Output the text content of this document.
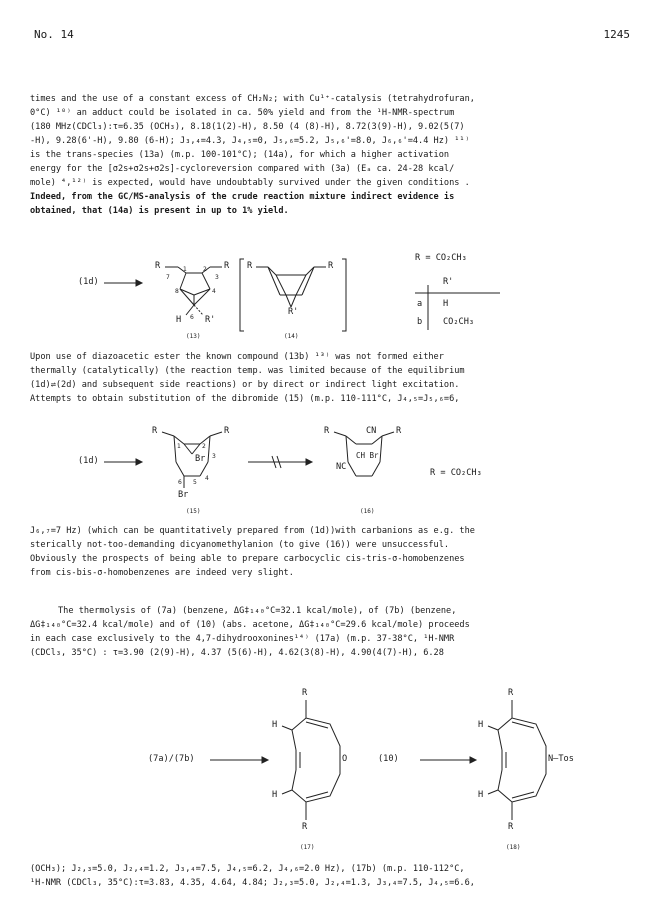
No. 14	1245

times and the use of a constant excess of CH₂N₂; with Cu¹⁺-catalysis (tetrahydrofuran,

0°C) ¹⁰⁾ an adduct could be isolated in ca. 50% yield and from the ¹H-NMR-spectrum

(180 MHz(CDCl₃):τ=6.35 (OCH₃), 8.18(1(2)-H), 8.50 (4 (8)-H), 8.72(3(9)-H), 9.02(5(7)

-H), 9.28(6'-H), 9.80 (6-H); J₃,₄=4.3, J₄,₅=0, J₅,₆=5.2, J₅,₆'=8.0, J₆,₆'=4.4 Hz) ¹¹⁾

is the trans-species (13a) (m.p. 100-101°C); (14a), for which a higher activation

energy for the [σ2s+σ2s+σ2s]-cycloreversion compared with (3a) (Eₐ ca. 24-28 kcal/

mole) ⁴,¹²⁾ is expected, would have undoubtably survived under the given conditions .

Indeed, from the GC/MS-analysis of the crude reaction mixture indirect evidence is

obtained, that (14a) is present in up to 1% yield.

7
1	2
3
8	4
6
(1d)
R	R
H	R'
(13)
R	R
R'
(14)
R = CO₂CH₃
R'
a H
b CO₂CH₃

Upon use of diazoacetic ester the known compound (13b) ¹³⁾ was not formed either

thermally (catalytically) (the reaction temp. was limited because of the equilibrium

(1d)⇌(2d) and subsequent side reactions) or by direct or indirect light excitation.

Attempts to obtain substitution of the dibromide (15) (m.p. 110-111°C, J₄,₅=J₅,₆=6,

1	2
3
6 5
4
(1d)
R	R
Br
Br
(15)
R	CN R
CH Br
NC
(16)
R = CO₂CH₃

J₆,₇=7 Hz) (which can be quantitatively prepared from (1d))with carbanions as e.g. the

sterically not-too-demanding dicyanomethylanion (to give (16)) were unsuccessful.

Obviously the prospects of being able to prepare carbocyclic cis-tris-σ-homobenzenes

from cis-bis-σ-homobenzenes are indeed very slight.

The thermolysis of (7a) (benzene, ΔG‡₁₄₀°C=32.1 kcal/mole), of (7b) (benzene,

ΔG‡₁₄₀°C=32.4 kcal/mole) and of (10) (abs. acetone, ΔG‡₁₄₀°C=29.6 kcal/mole) proceeds

in each case exclusively to the 4,7-dihydrooxonines¹⁴⁾ (17a) (m.p. 37-38°C, ¹H-NMR

(CDCl₃, 35°C) : τ=3.90 (2(9)-H), 4.37 (5(6)-H), 4.62(3(8)-H), 4.90(4(7)-H), 6.28

(7a)/(7b)
R
H
O
H
R
(17)
(10)
R
H
N—Tos
H
R
(18)

(OCH₃); J₂,₃=5.0, J₂,₄=1.2, J₃,₄=7.5, J₄,₅=6.2, J₄,₆=2.0 Hz), (17b) (m.p. 110-112°C,

¹H-NMR (CDCl₃, 35°C):τ=3.83, 4.35, 4.64, 4.84; J₂,₃=5.0, J₂,₄=1.3, J₃,₄=7.5, J₄,₅=6.6,
